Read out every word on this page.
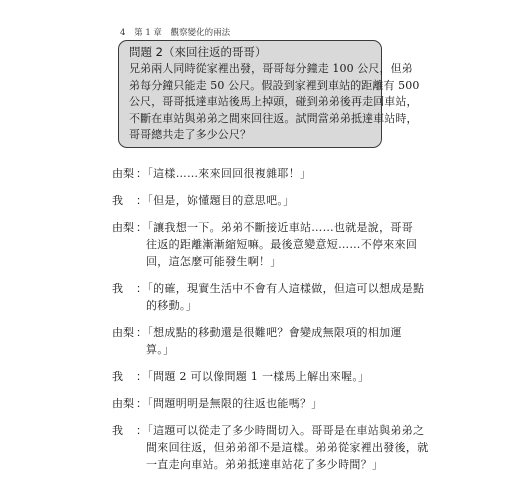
4 第 1 章 觀察變化的兩法
問題 2（來回往返的哥哥）
兄弟兩人同時從家裡出發，哥哥每分鐘走 100 公尺，但弟
弟每分鐘只能走 50 公尺。假設到家裡到車站的距離有 500
公尺，哥哥抵達車站後馬上掉頭，碰到弟弟後再走回車站，
不斷在車站與弟弟之間來回往返。試問當弟弟抵達車站時，
哥哥總共走了多少公尺？
由梨 ：「這樣……來來回回很複雜耶！」
我	：「但是，妳懂題目的意思吧。」
由梨 ：「讓我想一下。弟弟不斷接近車站……也就是說，哥哥
往返的距離漸漸縮短嘛。最後意變意短……不停來來回
回，這怎麼可能發生啊！」
我	：「的確，現實生活中不會有人這樣做，但這可以想成是點
的移動。」
由梨 ：「想成點的移動還是很難吧？會變成無限項的相加運
算。」
我	：「問題 2 可以像問題 1 一樣馬上解出來喔。」
由梨 ：「問題明明是無限的往返也能嗎？」
我	：「這題可以從走了多少時間切入。哥哥是在車站與弟弟之
間來回往返，但弟弟卻不是這樣。弟弟從家裡出發後，就
一直走向車站。弟弟抵達車站花了多少時間？」
